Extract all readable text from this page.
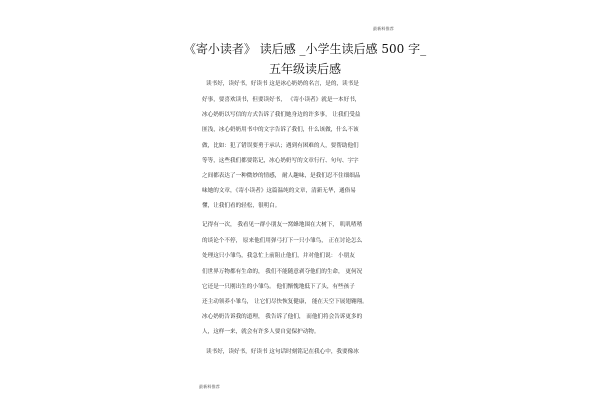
最新料推荐
《寄小读者》 读后感 _小学生读后感 500 字_
五年级读后感
读书好，读好书，好读书 这是冰心奶奶的名言，是的，读书是
好事，要喜欢读书，但要读好书， 《寄小读者》就是一本好书，
冰心奶奶以写信的方式告诉了我们她身边的许多事， 让我们受益
匪浅，冰心奶奶用书中的文字告诉了我们，什么该做，什么不该
做，比如：犯了错误要勇于承认；遇到有困难的人，要帮助他们
等等，这些我们都要铭记，冰心奶奶写的文章行行、句句、字字
之间都表达了一种微妙的情感， 耐人趣味，是我们忍不住细细品
味她的文章，《寄小读者》这篇温纯的文章，清新无华，通俗易
懂，让我们看的轻松，很明白。
记得有一次， 我看见一群小朋友一窝蜂地围在大树下， 叽叽喳喳
的谈论个不停， 原来他们用弹弓打下一只小雏鸟， 正在讨论怎么
处理这只小雏鸟，我急忙上前阻止他们，并对他们说： 小朋友
们世界万物都有生命的， 我们不能随意剥夺他们的生命， 更何况
它还是一只刚出生的小雏鸟。 他们惭愧地低下了头，有些孩子
还主动领养小雏鸟， 让它们尽快恢复健康， 能在天空下展翅翱翔。
冰心奶奶告诉我的道理， 我告诉了他们， 而他们将会告诉更多的
人，这样一来，就会有许多人要自觉保护动物。
读书好，读好书，好读书 这句话时刻铭记在我心中，我要像冰
最新料推荐
